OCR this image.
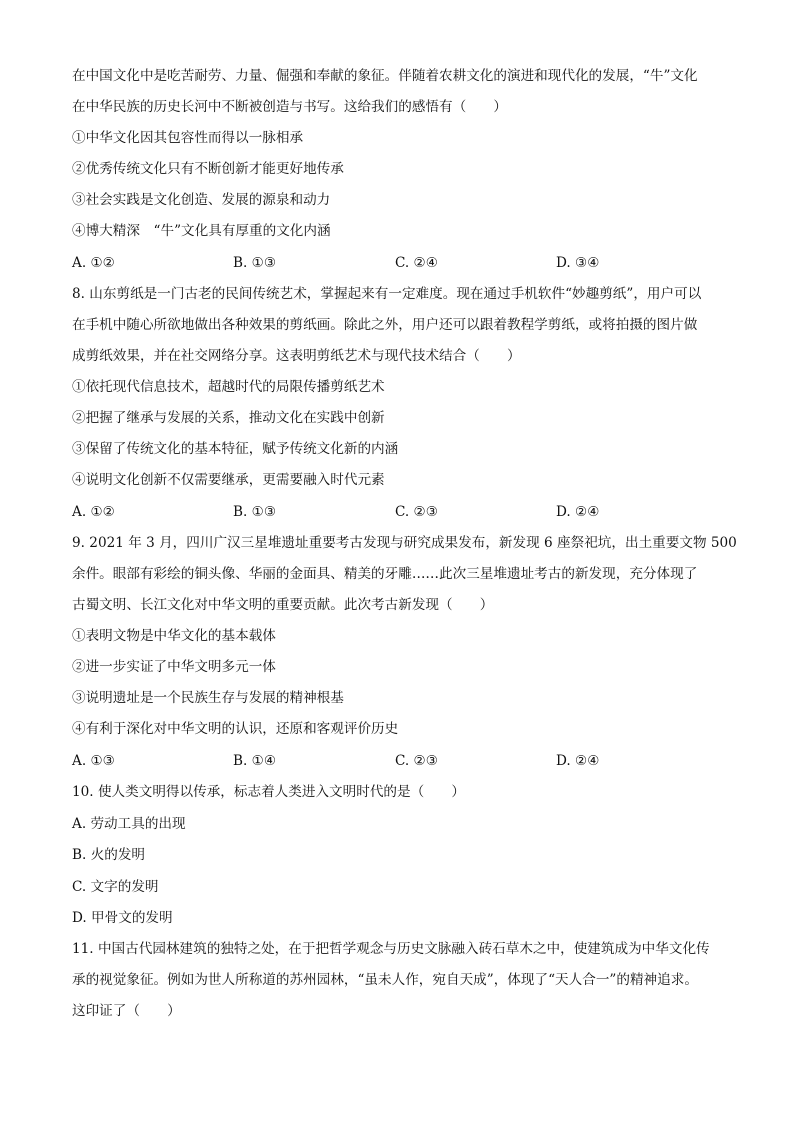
在中国文化中是吃苦耐劳、力量、倔强和奉献的象征。伴随着农耕文化的演进和现代化的发展，“牛”文化
在中华民族的历史长河中不断被创造与书写。这给我们的感悟有（　　）
①中华文化因其包容性而得以一脉相承
②优秀传统文化只有不断创新才能更好地传承
③社会实践是文化创造、发展的源泉和动力
④博大精深　“牛”文化具有厚重的文化内涵
A. ①②	B. ①③	C. ②④	D. ③④
8. 山东剪纸是一门古老的民间传统艺术，掌握起来有一定难度。现在通过手机软件“妙趣剪纸”，用户可以
在手机中随心所欲地做出各种效果的剪纸画。除此之外，用户还可以跟着教程学剪纸，或将拍摄的图片做
成剪纸效果，并在社交网络分享。这表明剪纸艺术与现代技术结合（　　）
①依托现代信息技术，超越时代的局限传播剪纸艺术
②把握了继承与发展的关系，推动文化在实践中创新
③保留了传统文化的基本特征，赋予传统文化新的内涵
④说明文化创新不仅需要继承，更需要融入时代元素
A. ①②	B. ①③	C. ②③	D. ②④
9. 2021 年 3 月，四川广汉三星堆遗址重要考古发现与研究成果发布，新发现 6 座祭祀坑，出土重要文物 500
余件。眼部有彩绘的铜头像、华丽的金面具、精美的牙雕……此次三星堆遗址考古的新发现，充分体现了
古蜀文明、长江文化对中华文明的重要贡献。此次考古新发现（　　）
①表明文物是中华文化的基本载体
②进一步实证了中华文明多元一体
③说明遗址是一个民族生存与发展的精神根基
④有利于深化对中华文明的认识，还原和客观评价历史
A. ①③	B. ①④	C. ②③	D. ②④
10. 使人类文明得以传承，标志着人类进入文明时代的是（　　）
A. 劳动工具的出现
B. 火的发明
C. 文字的发明
D. 甲骨文的发明
11. 中国古代园林建筑的独特之处，在于把哲学观念与历史文脉融入砖石草木之中，使建筑成为中华文化传
承的视觉象征。例如为世人所称道的苏州园林，“虽未人作，宛自天成”，体现了“天人合一”的精神追求。
这印证了（　　）
